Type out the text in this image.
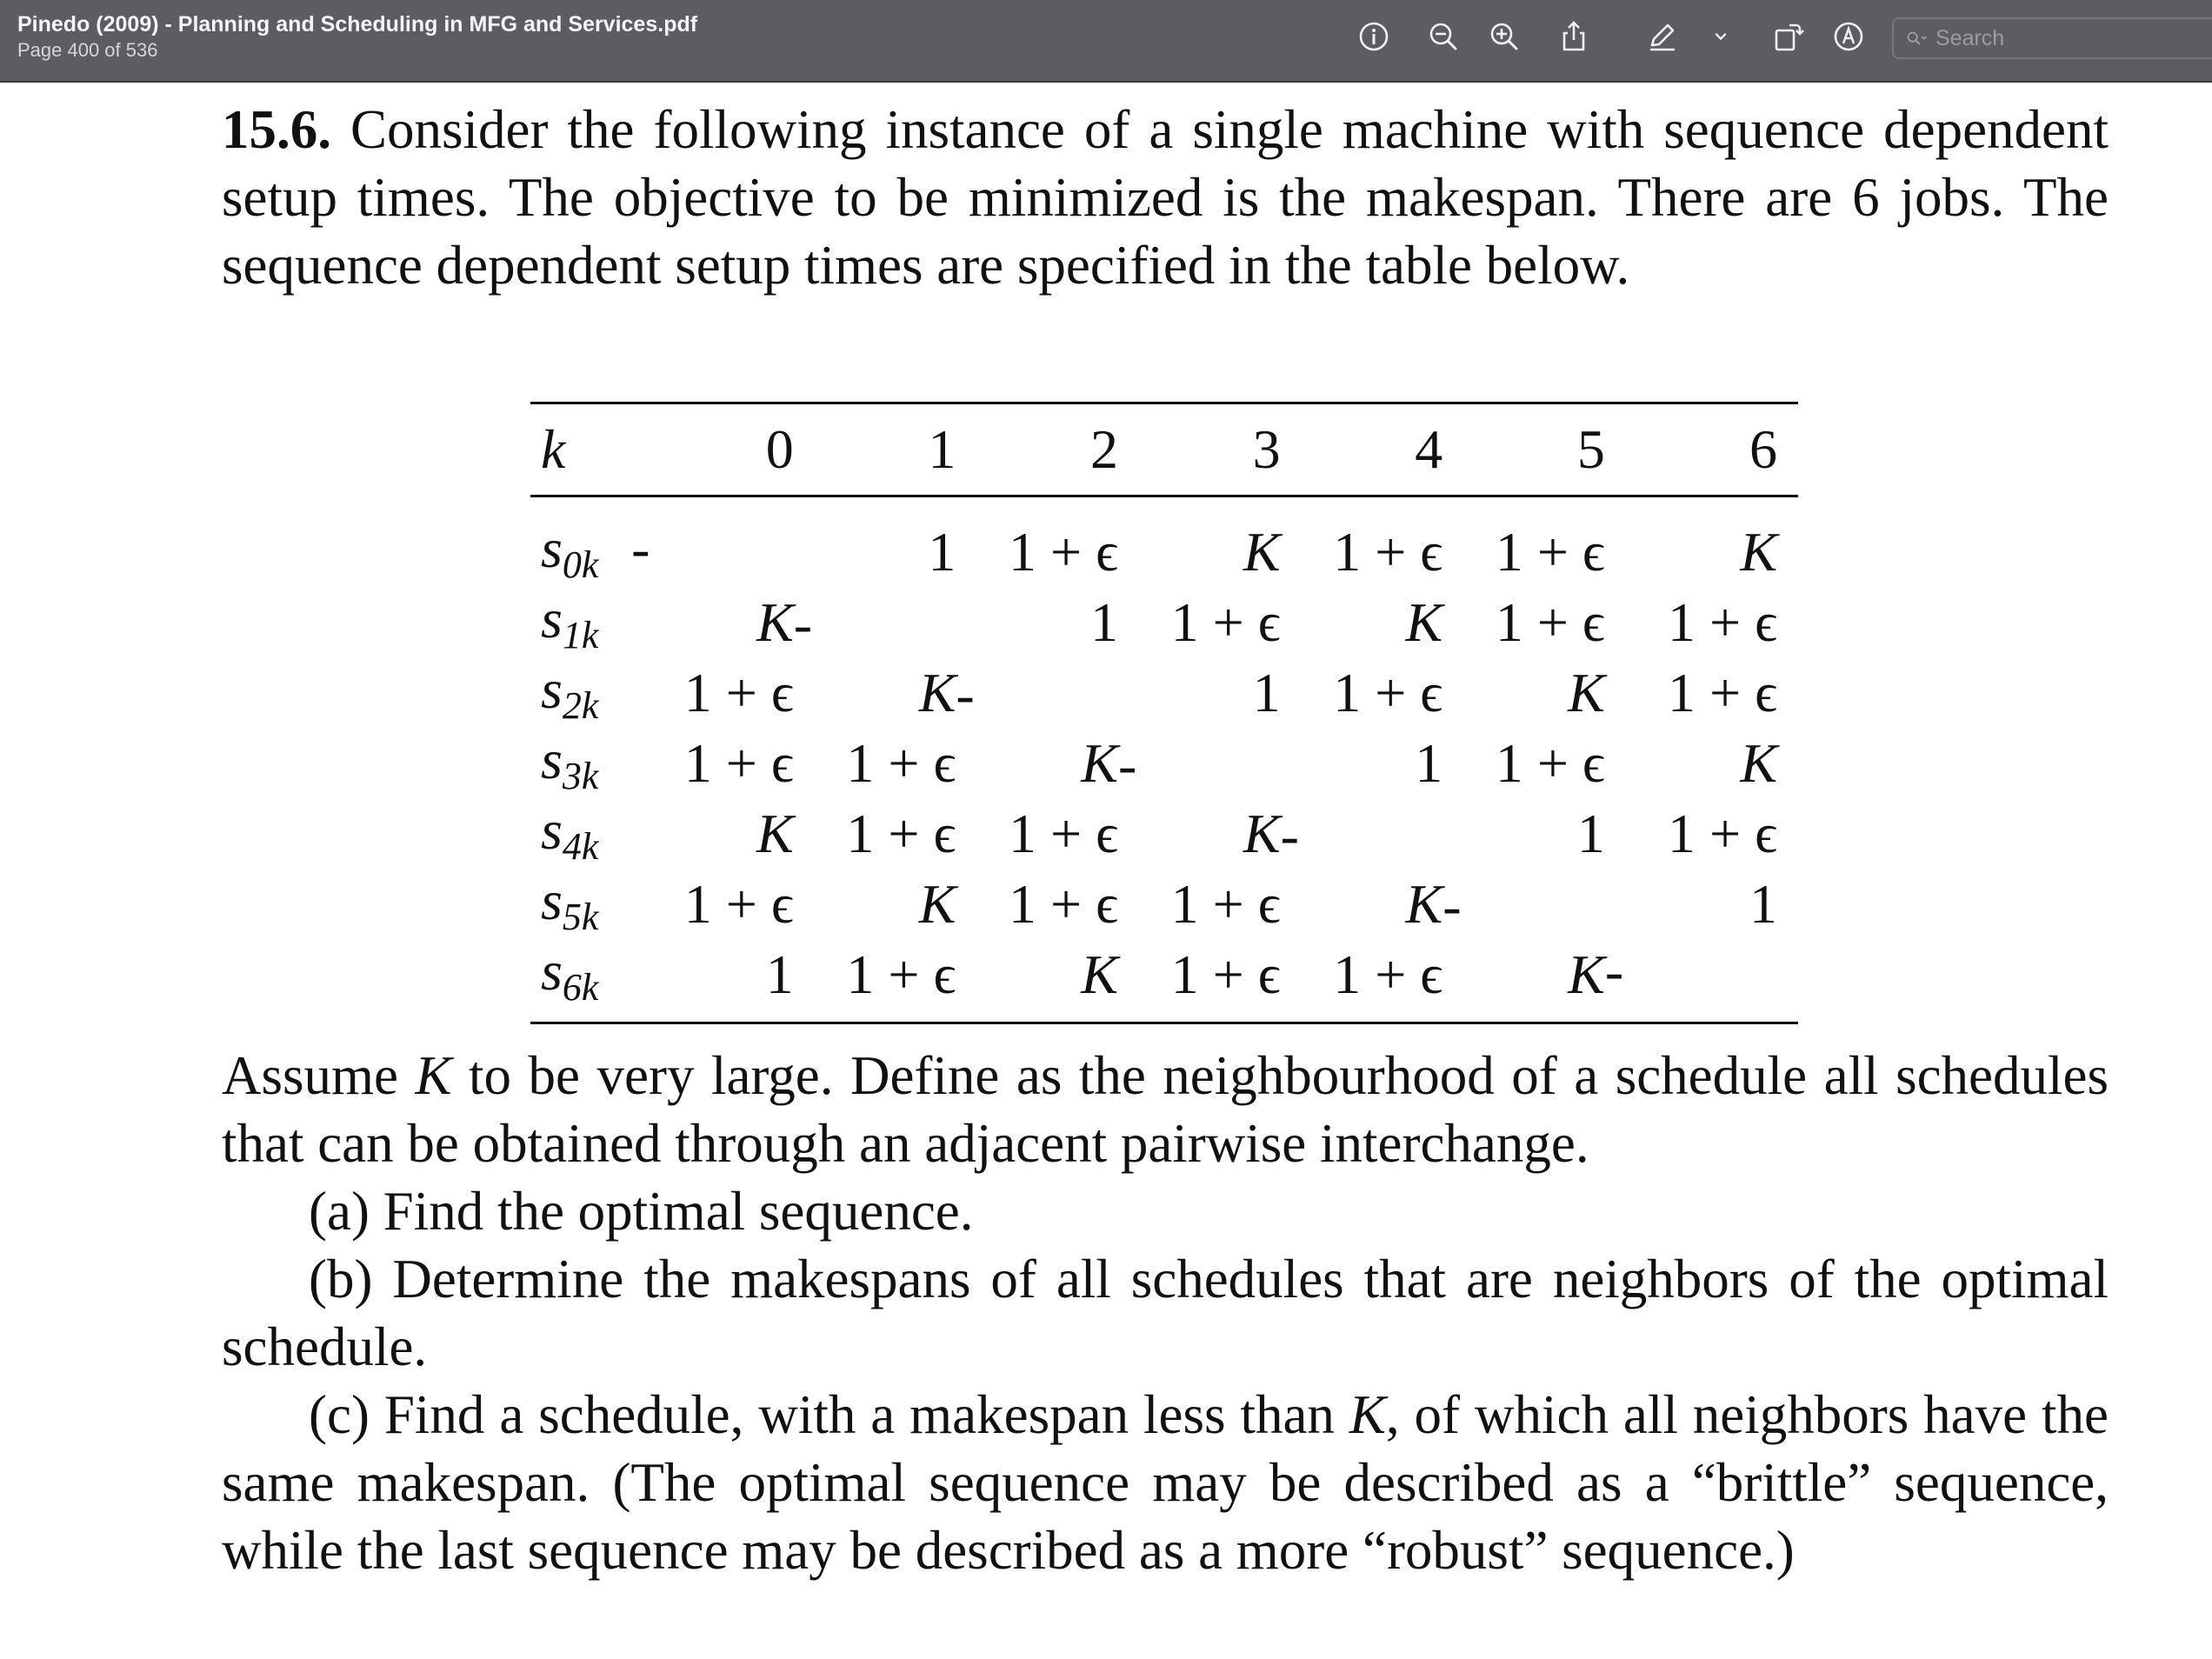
Pinedo (2009) - Planning and Scheduling in MFG and Services.pdf
Page 400 of 536
Search

15.6. Consider the following instance of a single machine with sequence dependent setup times. The objective to be minimized is the makespan. There are 6 jobs. The sequence dependent setup times are specified in the table below.

k	0	1	2	3	4	5	6
$s_{0k}$	-	1	1 + ϵ	K	1 + ϵ	1 + ϵ	K
$s_{1k}$	K	-	1	1 + ϵ	K	1 + ϵ	1 + ϵ
$s_{2k}$	1 + ϵ	K	-	1	1 + ϵ	K	1 + ϵ
$s_{3k}$	1 + ϵ	1 + ϵ	K	-	1	1 + ϵ	K
$s_{4k}$	K	1 + ϵ	1 + ϵ	K	-	1	1 + ϵ
$s_{5k}$	1 + ϵ	K	1 + ϵ	1 + ϵ	K	-	1
$s_{6k}$	1	1 + ϵ	K	1 + ϵ	1 + ϵ	K	-

Assume K to be very large. Define as the neighbourhood of a schedule all schedules that can be obtained through an adjacent pairwise interchange.

(a) Find the optimal sequence.

(b) Determine the makespans of all schedules that are neighbors of the optimal schedule.

(c) Find a schedule, with a makespan less than K, of which all neighbors have the same makespan. (The optimal sequence may be described as a “brittle” sequence, while the last sequence may be described as a more “robust” sequence.)
